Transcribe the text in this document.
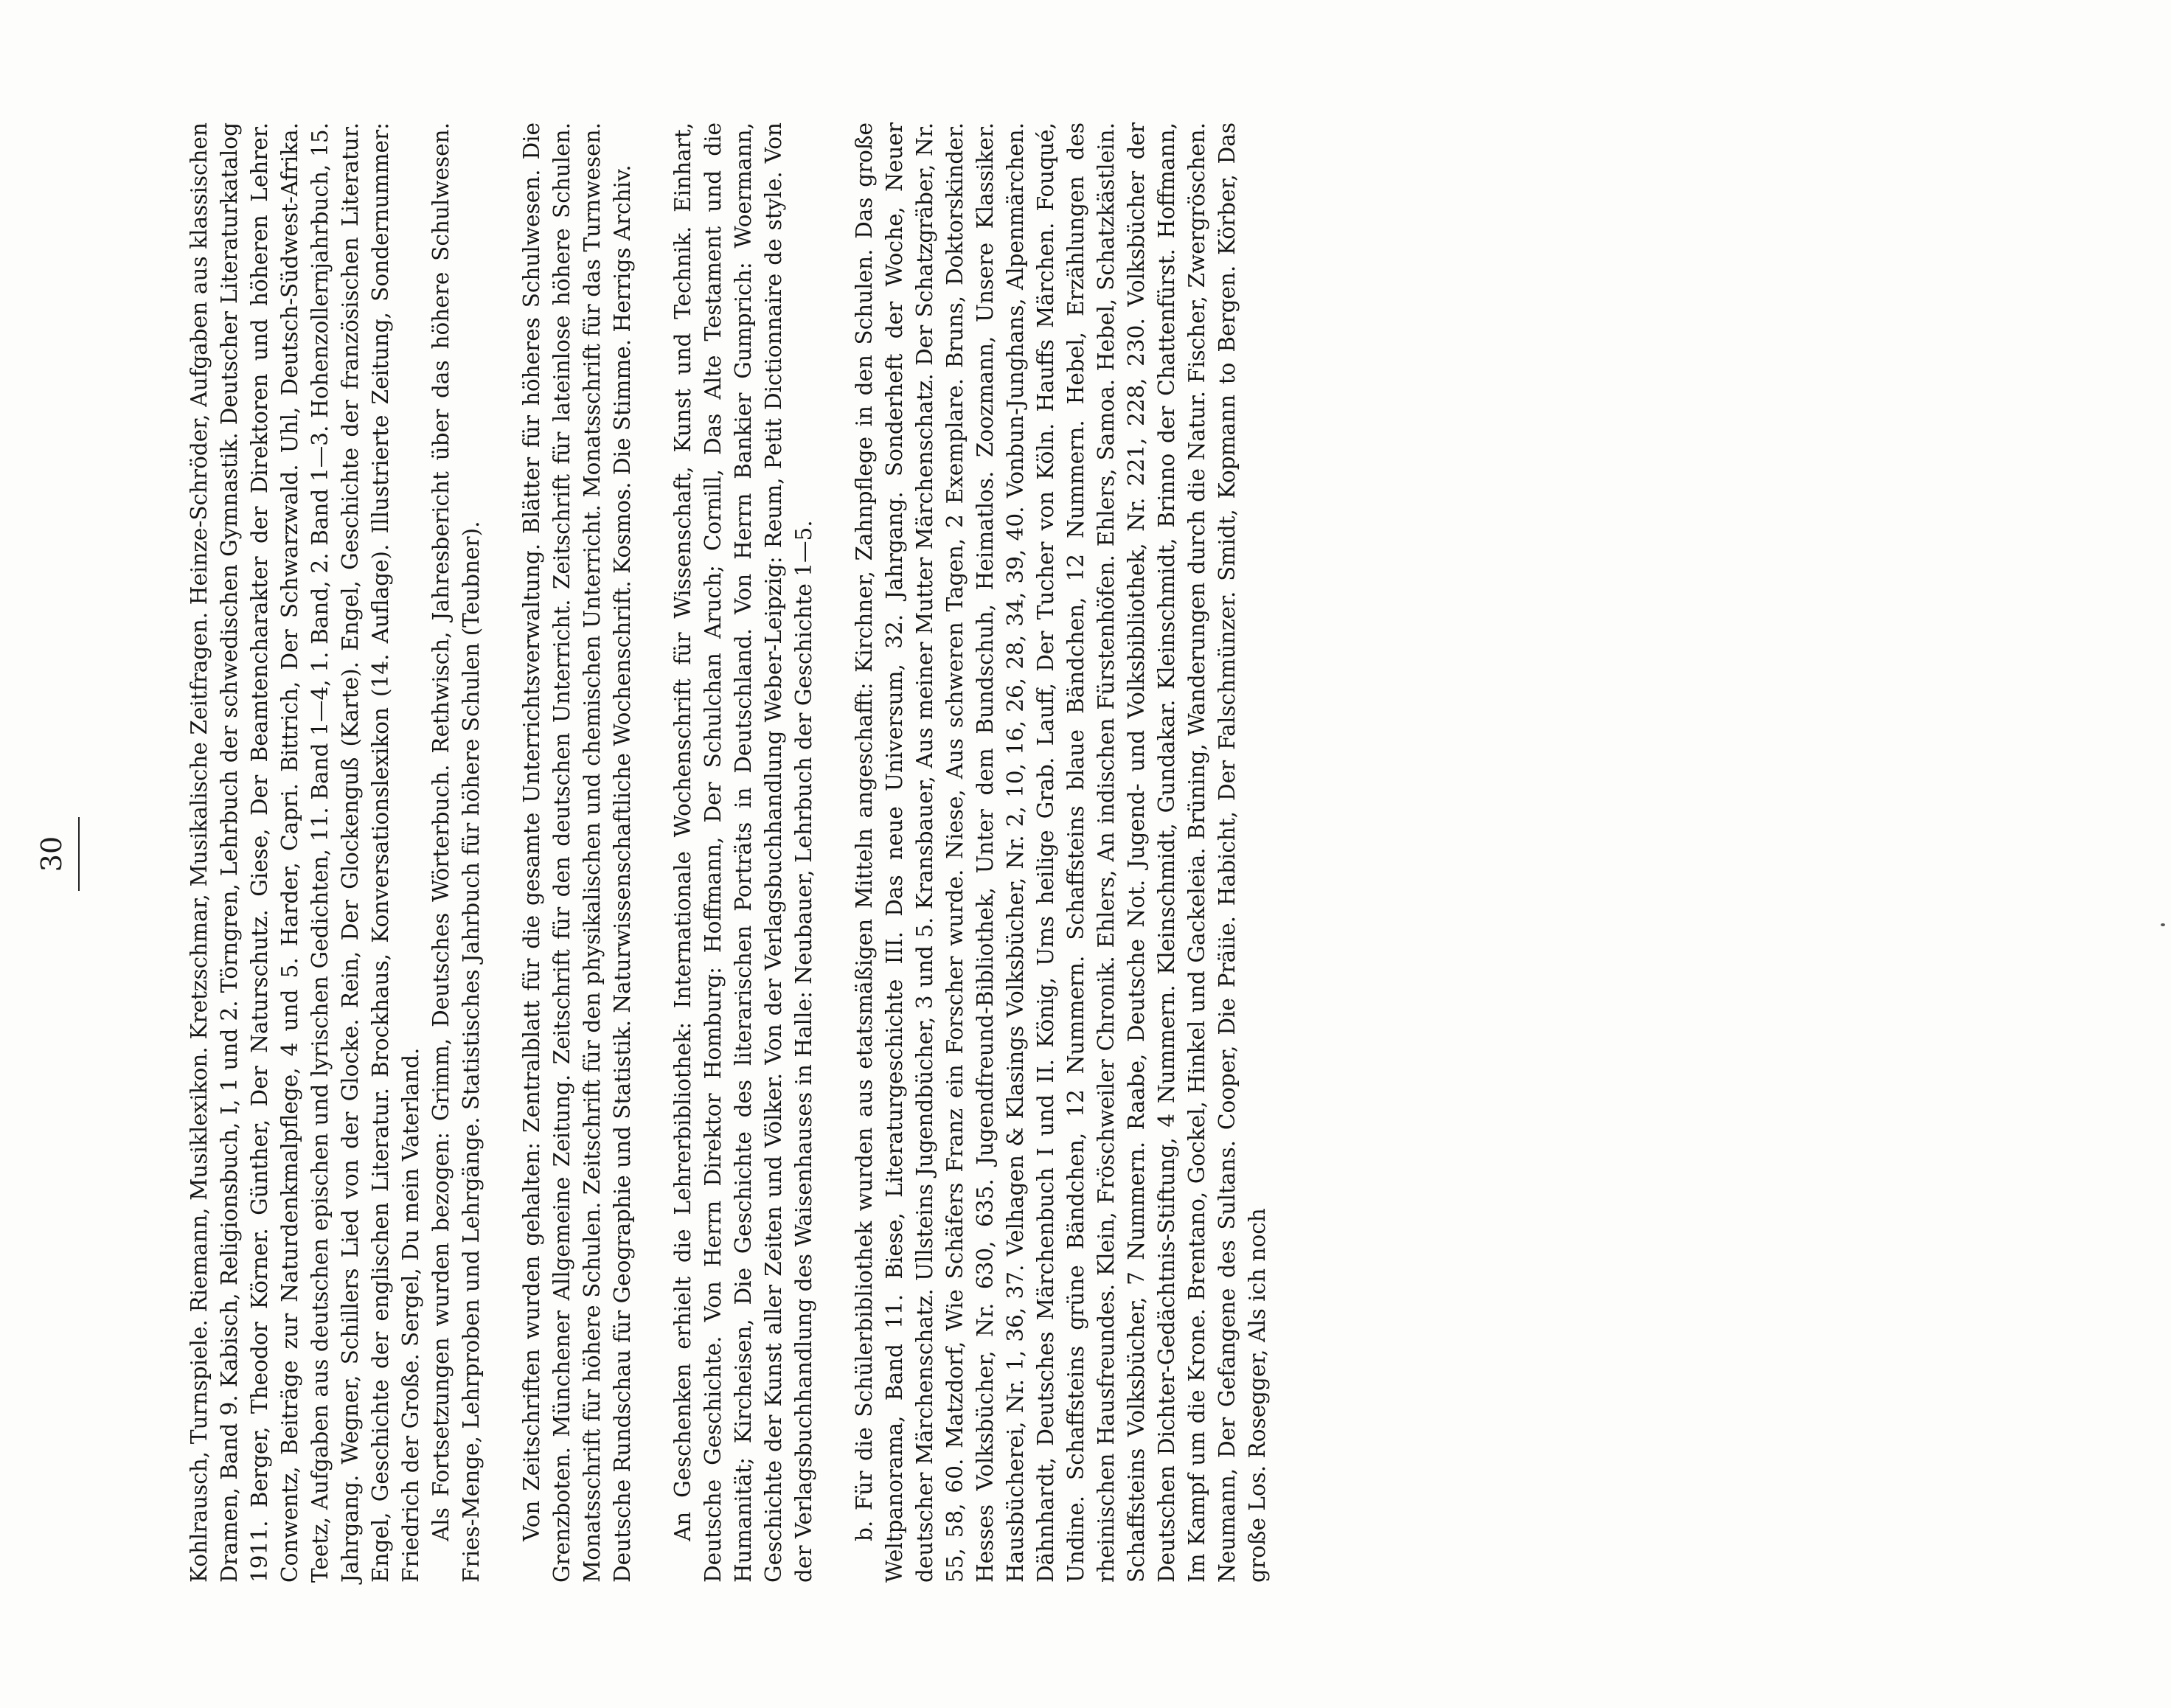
30	Kohlrausch, Turnspiele. Riemann, Musiklexikon. Kretzschmar, Musikalische Zeitfragen. Heinze-Schröder, Aufgaben aus klassischen Dramen, Band 9. Kabisch, Religionsbuch, I, 1 und 2. Törngren, Lehrbuch der schwedischen Gymnastik. Deutscher Literaturkatalog 1911. Berger, Theodor Körner. Günther, Der Naturschutz. Giese, Der Beamtencharakter der Direktoren und höheren Lehrer. Conwentz, Beiträge zur Naturdenkmalpflege, 4 und 5. Harder, Capri. Bittrich, Der Schwarzwald. Uhl, Deutsch-Südwest-Afrika. Teetz, Aufgaben aus deutschen epischen und lyrischen Gedichten, 11. Band 1—4, 1. Band, 2. Band 1—3. Hohenzollernjahrbuch, 15. Jahrgang. Wegner, Schillers Lied von der Glocke. Rein, Der Glockenguß (Karte). Engel, Geschichte der französischen Literatur. Engel, Geschichte der englischen Literatur. Brockhaus, Konversationslexikon (14. Auflage). Illustrierte Zeitung, Sondernummer: Friedrich der Große. Sergel, Du mein Vaterland. Als Fortsetzungen wurden bezogen: Grimm, Deutsches Wörterbuch. Rethwisch, Jahresbericht über das höhere Schulwesen. Fries-Menge, Lehrproben und Lehrgänge. Statistisches Jahrbuch für höhere Schulen (Teubner). Von Zeitschriften wurden gehalten: Zentralblatt für die gesamte Unterrichtsverwaltung. Blätter für höheres Schulwesen. Die Grenzboten. Münchener Allgemeine Zeitung. Zeitschrift für den deutschen Unterricht. Zeitschrift für lateinlose höhere Schulen. Monatsschrift für höhere Schulen. Zeitschrift für den physikalischen und chemischen Unterricht. Monatsschrift für das Turnwesen. Deutsche Rundschau für Geographie und Statistik. Naturwissenschaftliche Wochenschrift. Kosmos. Die Stimme. Herrigs Archiv. An Geschenken erhielt die Lehrerbibliothek: Internationale Wochenschrift für Wissenschaft, Kunst und Technik. Einhart, Deutsche Geschichte. Von Herrn Direktor Homburg: Hoffmann, Der Schulchan Aruch; Cornill, Das Alte Testament und die Humanität; Kircheisen, Die Geschichte des literarischen Porträts in Deutschland. Von Herrn Bankier Gumprich: Woermann, Geschichte der Kunst aller Zeiten und Völker. Von der Verlagsbuchhandlung Weber-Leipzig: Reum, Petit Dictionnaire de style. Von der Verlagsbuchhandlung des Waisenhauses in Halle: Neubauer, Lehrbuch der Geschichte 1—5. b. Für die Schülerbibliothek wurden aus etatsmäßigen Mitteln angeschafft: Kirchner, Zahnpflege in den Schulen. Das große Weltpanorama, Band 11. Biese, Literaturgeschichte III. Das neue Universum, 32. Jahrgang. Sonderheft der Woche, Neuer deutscher Märchenschatz. Ullsteins Jugendbücher, 3 und 5. Kransbauer, Aus meiner Mutter Märchenschatz. Der Schatzgräber, Nr. 55, 58, 60. Matzdorf, Wie Schäfers Franz ein Forscher wurde. Niese, Aus schweren Tagen, 2 Exemplare. Bruns, Doktorskinder. Hesses Volksbücher, Nr. 630, 635. Jugendfreund-Bibliothek, Unter dem Bundschuh, Heimatlos. Zoozmann, Unsere Klassiker. Hausbücherei, Nr. 1, 36, 37. Velhagen & Klasings Volksbücher, Nr. 2, 10, 16, 26, 28, 34, 39, 40. Vonbun-Junghans, Alpenmärchen. Dähnhardt, Deutsches Märchenbuch I und II. König, Ums heilige Grab. Lauff, Der Tucher von Köln. Hauffs Märchen. Fouqué, Undine. Schaffsteins grüne Bändchen, 12 Nummern. Schaffsteins blaue Bändchen, 12 Nummern. Hebel, Erzählungen des rheinischen Hausfreundes. Klein, Fröschweiler Chronik. Ehlers, An indischen Fürstenhöfen. Ehlers, Samoa. Hebel, Schatzkästlein. Schaffsteins Volksbücher, 7 Nummern. Raabe, Deutsche Not. Jugend- und Volksbibliothek, Nr. 221, 228, 230. Volksbücher der Deutschen Dichter-Gedächtnis-Stiftung, 4 Nummern. Kleinschmidt, Gundakar. Kleinschmidt, Brinno der Chattenfürst. Hoffmann, Im Kampf um die Krone. Brentano, Gockel, Hinkel und Gackeleia. Brüning, Wanderungen durch die Natur. Fischer, Zwergröschen. Neumann, Der Gefangene des Sultans. Cooper, Die Präiie. Habicht, Der Falschmünzer. Smidt, Kopmann to Bergen. Körber, Das große Los. Rosegger, Als ich noch
